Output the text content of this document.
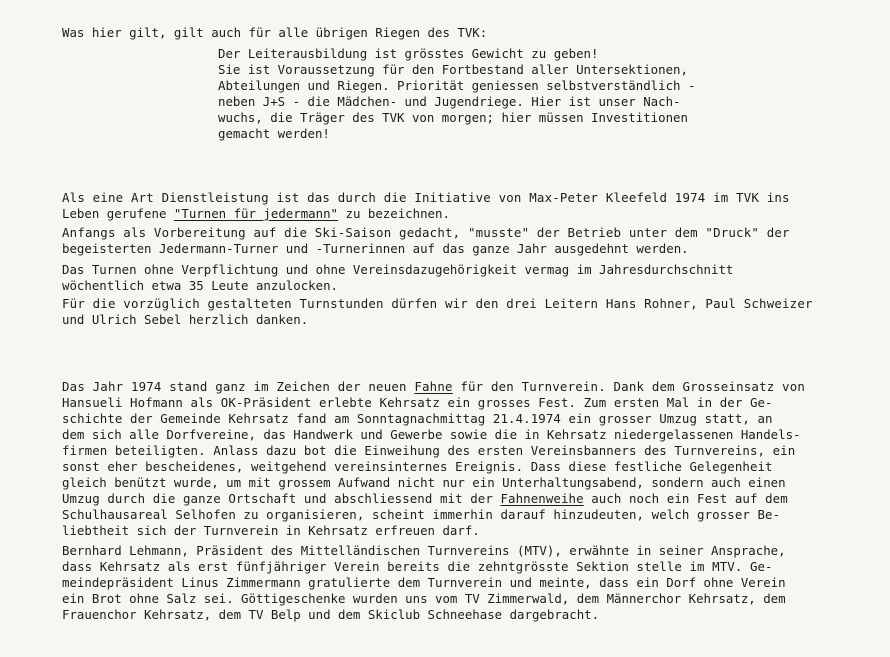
Was hier gilt, gilt auch für alle übrigen Riegen des TVK:
Der Leiterausbildung ist grösstes Gewicht zu geben!
Sie ist Voraussetzung für den Fortbestand aller Untersektionen,
Abteilungen und Riegen. Priorität geniessen selbstverständlich -
neben J+S - die Mädchen- und Jugendriege. Hier ist unser Nach-
wuchs, die Träger des TVK von morgen; hier müssen Investitionen
gemacht werden!
Als eine Art Dienstleistung ist das durch die Initiative von Max-Peter Kleefeld 1974 im TVK ins
Leben gerufene "Turnen für jedermann" zu bezeichnen.
Anfangs als Vorbereitung auf die Ski-Saison gedacht, "musste" der Betrieb unter dem "Druck" der
begeisterten Jedermann-Turner und -Turnerinnen auf das ganze Jahr ausgedehnt werden.
Das Turnen ohne Verpflichtung und ohne Vereinsdazugehörigkeit vermag im Jahresdurchschnitt
wöchentlich etwa 35 Leute anzulocken.
Für die vorzüglich gestalteten Turnstunden dürfen wir den drei Leitern Hans Rohner, Paul Schweizer
und Ulrich Sebel herzlich danken.
Das Jahr 1974 stand ganz im Zeichen der neuen Fahne für den Turnverein. Dank dem Grosseinsatz von
Hansueli Hofmann als OK-Präsident erlebte Kehrsatz ein grosses Fest. Zum ersten Mal in der Ge-
schichte der Gemeinde Kehrsatz fand am Sonntagnachmittag 21.4.1974 ein grosser Umzug statt, an
dem sich alle Dorfvereine, das Handwerk und Gewerbe sowie die in Kehrsatz niedergelassenen Handels-
firmen beteiligten. Anlass dazu bot die Einweihung des ersten Vereinsbanners des Turnvereins, ein
sonst eher bescheidenes, weitgehend vereinsinternes Ereignis. Dass diese festliche Gelegenheit
gleich benützt wurde, um mit grossem Aufwand nicht nur ein Unterhaltungsabend, sondern auch einen
Umzug durch die ganze Ortschaft und abschliessend mit der Fahnenweihe auch noch ein Fest auf dem
Schulhausareal Selhofen zu organisieren, scheint immerhin darauf hinzudeuten, welch grosser Be-
liebtheit sich der Turnverein in Kehrsatz erfreuen darf.
Bernhard Lehmann, Präsident des Mittelländischen Turnvereins (MTV), erwähnte in seiner Ansprache,
dass Kehrsatz als erst fünfjähriger Verein bereits die zehntgrösste Sektion stelle im MTV. Ge-
meindepräsident Linus Zimmermann gratulierte dem Turnverein und meinte, dass ein Dorf ohne Verein
ein Brot ohne Salz sei. Göttigeschenke wurden uns vom TV Zimmerwald, dem Männerchor Kehrsatz, dem
Frauenchor Kehrsatz, dem TV Belp und dem Skiclub Schneehase dargebracht.
